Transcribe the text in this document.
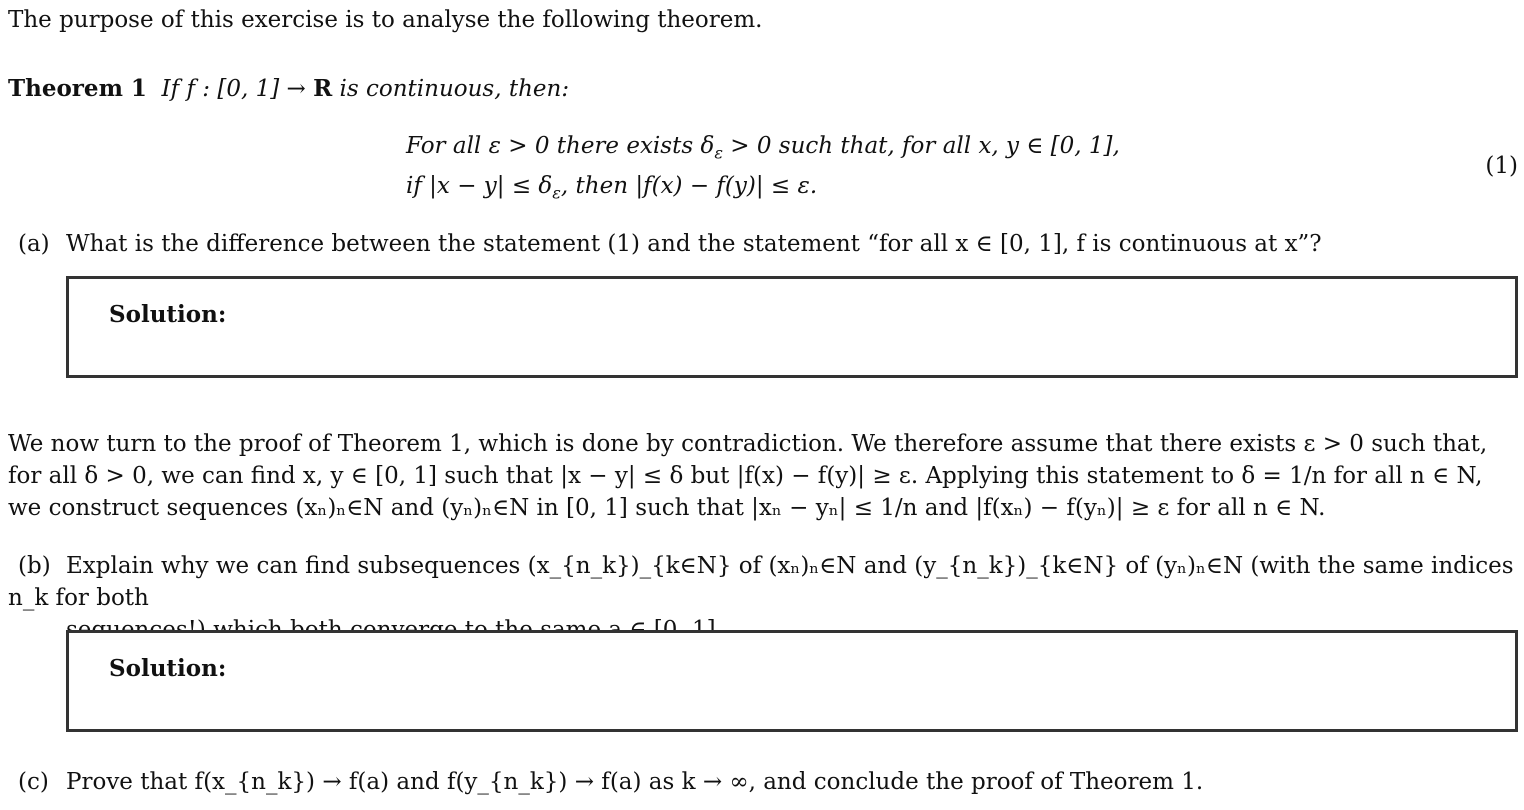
The purpose of this exercise is to analyse the following theorem.
Theorem 1 If f : [0, 1] → R is continuous, then:
For all ε > 0 there exists $\delta_\varepsilon > 0$ such that, for all x, y ∈ [0, 1],
if $|x - y| \le \delta_\varepsilon$, then |f(x) − f(y)| ≤ ε.
(1)
(a) What is the difference between the statement (1) and the statement “for all x ∈ [0, 1], f is continuous at x”?
Solution:
We now turn to the proof of Theorem 1, which is done by contradiction. We therefore assume that there exists ε > 0 such that,
for all δ > 0, we can find x, y ∈ [0, 1] such that |x − y| ≤ δ but |f(x) − f(y)| ≥ ε. Applying this statement to δ = 1/n for all n ∈ N,
we construct sequences (xₙ)ₙ∈N and (yₙ)ₙ∈N in [0, 1] such that |xₙ − yₙ| ≤ 1/n and |f(xₙ) − f(yₙ)| ≥ ε for all n ∈ N.
(b) Explain why we can find subsequences (x_{n_k})_{k∈N} of (xₙ)ₙ∈N and (y_{n_k})_{k∈N} of (yₙ)ₙ∈N (with the same indices n_k for both
Solution:
(c) Prove that f(x_{n_k}) → f(a) and f(y_{n_k}) → f(a) as k → ∞, and conclude the proof of Theorem 1.
